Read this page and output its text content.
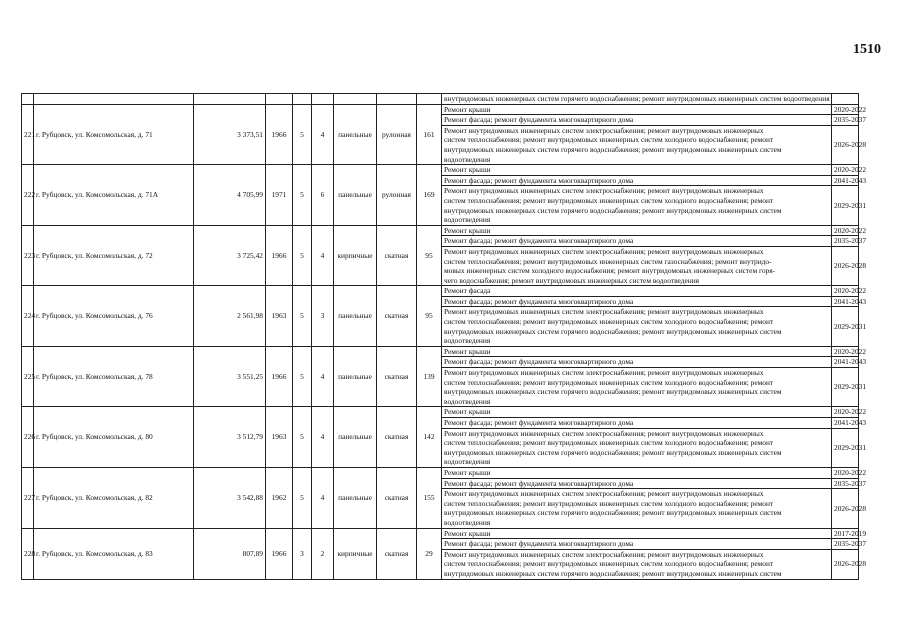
1510
									внутридомовых инженерных систем горячего водоснабжения; ремонт внутридомовых инженерных систем водоотведения	
221	г. Рубцовск, ул. Комсомольская, д. 71	3 373,51	1966	5	4	панельные	рулонная	161	Ремонт крыши	2020-2022
									Ремонт фасада; ремонт фундамента многоквартирного дома	2035-2037

									Ремонт внутридомовых инженерных систем электроснабжения; ремонт внутридомовых инженерных
систем теплоснабжения; ремонт внутридомовых инженерных систем холодного водоснабжения; ремонт
внутридомовых инженерных систем горячего водоснабжения; ремонт внутридомовых инженерных систем
водоотведения	2026-2028
222	г. Рубцовск, ул. Комсомольская, д. 71А	4 705,99	1971	5	6	панельные	рулонная	169	Ремонт крыши	2020-2022
									Ремонт фасада; ремонт фундамента многоквартирного дома	2041-2043

									Ремонт внутридомовых инженерных систем электроснабжения; ремонт внутридомовых инженерных
систем теплоснабжения; ремонт внутридомовых инженерных систем холодного водоснабжения; ремонт
внутридомовых инженерных систем горячего водоснабжения; ремонт внутридомовых инженерных систем
водоотведения	2029-2031
223	г. Рубцовск, ул. Комсомольская, д. 72	3 725,42	1966	5	4	кирпичные	скатная	95	Ремонт крыши	2020-2022
									Ремонт фасада; ремонт фундамента многоквартирного дома	2035-2037

									Ремонт внутридомовых инженерных систем электроснабжения; ремонт внутридомовых инженерных
систем теплоснабжения; ремонт внутридомовых инженерных систем газоснабжения; ремонт внутридо-
мовых инженерных систем холодного водоснабжения; ремонт внутридомовых инженерных систем горя-
чего водоснабжения; ремонт внутридомовых инженерных систем водоотведения	2026-2028
224	г. Рубцовск, ул. Комсомольская, д. 76	2 561,98	1963	5	3	панельные	скатная	95	Ремонт фасада	2020-2022
									Ремонт фасада; ремонт фундамента многоквартирного дома	2041-2043

									Ремонт внутридомовых инженерных систем электроснабжения; ремонт внутридомовых инженерных
систем теплоснабжения; ремонт внутридомовых инженерных систем холодного водоснабжения; ремонт
внутридомовых инженерных систем горячего водоснабжения; ремонт внутридомовых инженерных систем
водоотведения	2029-2031
225	г. Рубцовск, ул. Комсомольская, д. 78	3 551,25	1966	5	4	панельные	скатная	139	Ремонт крыши	2020-2022
									Ремонт фасада; ремонт фундамента многоквартирного дома	2041-2043

									Ремонт внутридомовых инженерных систем электроснабжения; ремонт внутридомовых инженерных
систем теплоснабжения; ремонт внутридомовых инженерных систем холодного водоснабжения; ремонт
внутридомовых инженерных систем горячего водоснабжения; ремонт внутридомовых инженерных систем
водоотведения	2029-2031
226	г. Рубцовск, ул. Комсомольская, д. 80	3 512,79	1963	5	4	панельные	скатная	142	Ремонт крыши	2020-2022
									Ремонт фасада; ремонт фундамента многоквартирного дома	2041-2043

									Ремонт внутридомовых инженерных систем электроснабжения; ремонт внутридомовых инженерных
систем теплоснабжения; ремонт внутридомовых инженерных систем холодного водоснабжения; ремонт
внутридомовых инженерных систем горячего водоснабжения; ремонт внутридомовых инженерных систем
водоотведения	2029-2031
227	г. Рубцовск, ул. Комсомольская, д. 82	3 542,88	1962	5	4	панельные	скатная	155	Ремонт крыши	2020-2022
									Ремонт фасада; ремонт фундамента многоквартирного дома	2035-2037

									Ремонт внутридомовых инженерных систем электроснабжения; ремонт внутридомовых инженерных
систем теплоснабжения; ремонт внутридомовых инженерных систем холодного водоснабжения; ремонт
внутридомовых инженерных систем горячего водоснабжения; ремонт внутридомовых инженерных систем
водоотведения	2026-2028
228	г. Рубцовск, ул. Комсомольская, д. 83	807,89	1966	3	2	кирпичные	скатная	29	Ремонт крыши	2017-2019
									Ремонт фасада; ремонт фундамента многоквартирного дома	2035-2037

									Ремонт внутридомовых инженерных систем электроснабжения; ремонт внутридомовых инженерных
систем теплоснабжения; ремонт внутридомовых инженерных систем холодного водоснабжения; ремонт
внутридомовых инженерных систем горячего водоснабжения; ремонт внутридомовых инженерных систем	2026-2028
